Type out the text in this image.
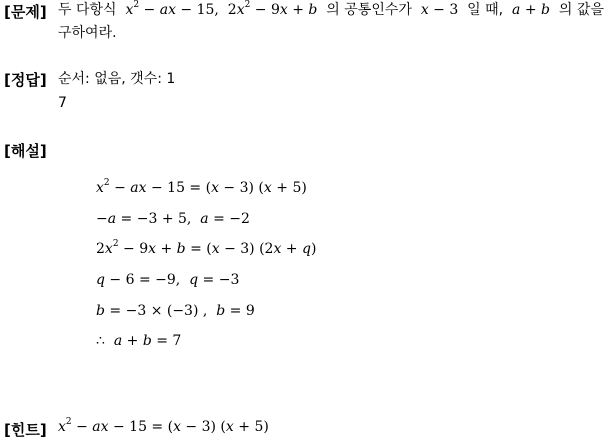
[문제] 두 다항식 $x^2$ − ax − 15,  $2x^2 - 9x + b$ 의 공통인수가 x − 3  일 때, a + b 의 값을
구하여라.
[정답] 순서: 없음, 갯수: 1
7
[해설]
$x^2$ − ax − 15 = (x − 3) (x + 5)
−a = −3 + 5,  a = −2
$2x^2 - 9x + b = (x - 3) (2x + q)$
q − 6 = −9,  q = −3
b = −3 × (−3) ,  b = 9
∴  a + b = 7
[힌트] $x^2$ − ax − 15 = (x − 3) (x + 5)
